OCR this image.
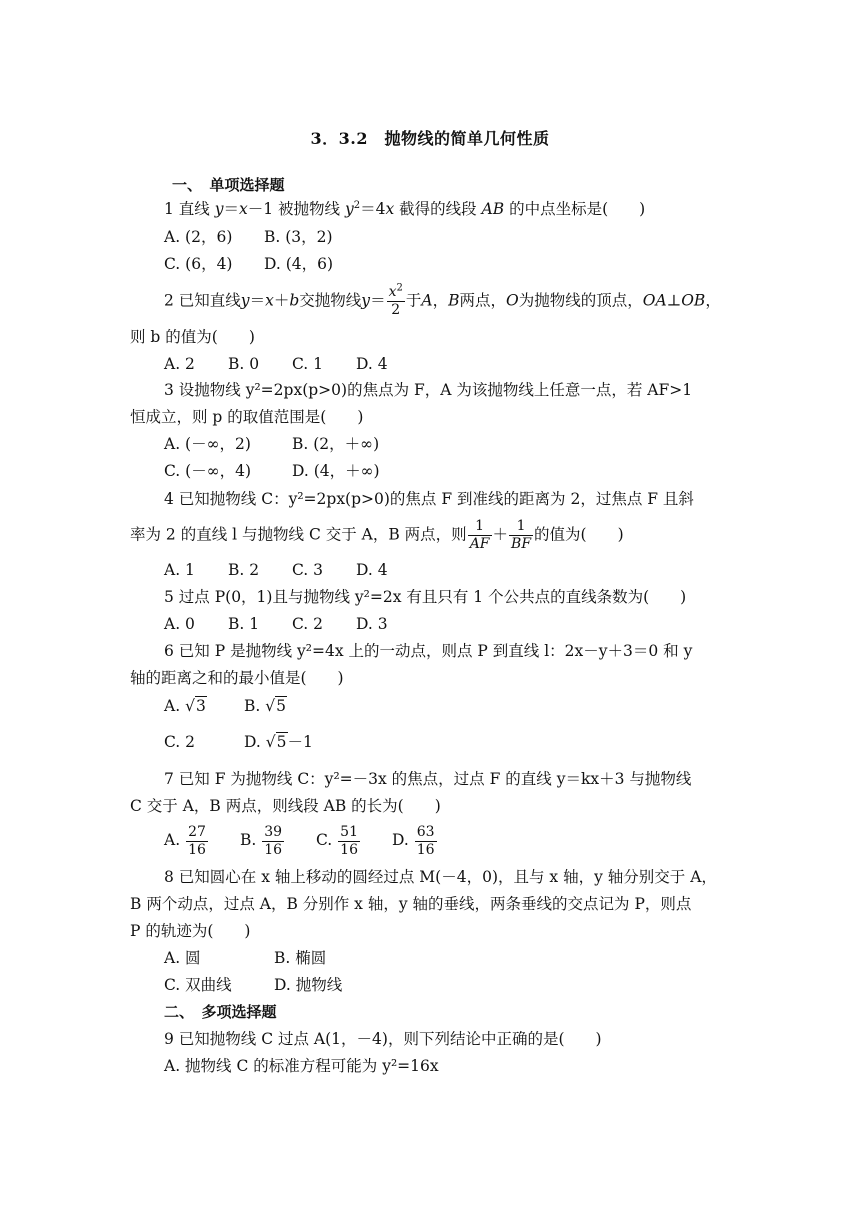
3．3.2　抛物线的简单几何性质
一、　单项选择题
1 直线 y＝x－1 被抛物线 $y^2=4x$ 截得的线段 AB 的中点坐标是(　　)
A. (2，6) B. (3，2)
C. (6，4) D. (4，6)
2 已知直线y＝x＋b交抛物线$y= \frac{x^2}{2}$ 于A，B两点，O为抛物线的顶点，OA⊥OB，
则 b 的值为(　　)
A. 2 B. 0 C. 1 D. 4
3 设抛物线 y²=2px(p>0)的焦点为 F，A 为该抛物线上任意一点，若 AF>1
恒成立，则 p 的取值范围是(　　)
A. (－∞，2)	B. (2，＋∞)
C. (－∞，4)	D. (4，＋∞)
4 已知抛物线 C：y²=2px(p>0)的焦点 F 到准线的距离为 2，过焦点 F 且斜
率为 2 的直线 l 与抛物线 C 交于 A，B 两点，则 $\frac{1}{AF} + \frac{1}{BF}$ 的值为(　　)
A. 1 B. 2 C. 3 D. 4
5 过点 P(0，1)且与抛物线 y²=2x 有且只有 1 个公共点的直线条数为(　　)
A. 0 B. 1 C. 2 D. 3
6 已知 P 是抛物线 y²=4x 上的一动点，则点 P 到直线 l：2x－y＋3＝0 和 y
轴的距离之和的最小值是(　　)
A. √3 B. √5
C. 2	D. √5－1
7 已知 F 为抛物线 C：y²=－3x 的焦点，过点 F 的直线 y＝kx＋3 与抛物线
C 交于 A，B 两点，则线段 AB 的长为(　　)
A. $\frac{27}{16} B$. $\frac{39}{16} C$. $\frac{51}{16} D$. $\frac{63}{16}$
8 已知圆心在 x 轴上移动的圆经过点 M(－4，0)，且与 x 轴，y 轴分别交于 A，
B 两个动点，过点 A，B 分别作 x 轴，y 轴的垂线，两条垂线的交点记为 P，则点
P 的轨迹为(　　)
A. 圆	B. 椭圆
C. 双曲线	D. 抛物线
二、　多项选择题
9 已知抛物线 C 过点 A(1，－4)，则下列结论中正确的是(　　)
A. 抛物线 C 的标准方程可能为 y²=16x
